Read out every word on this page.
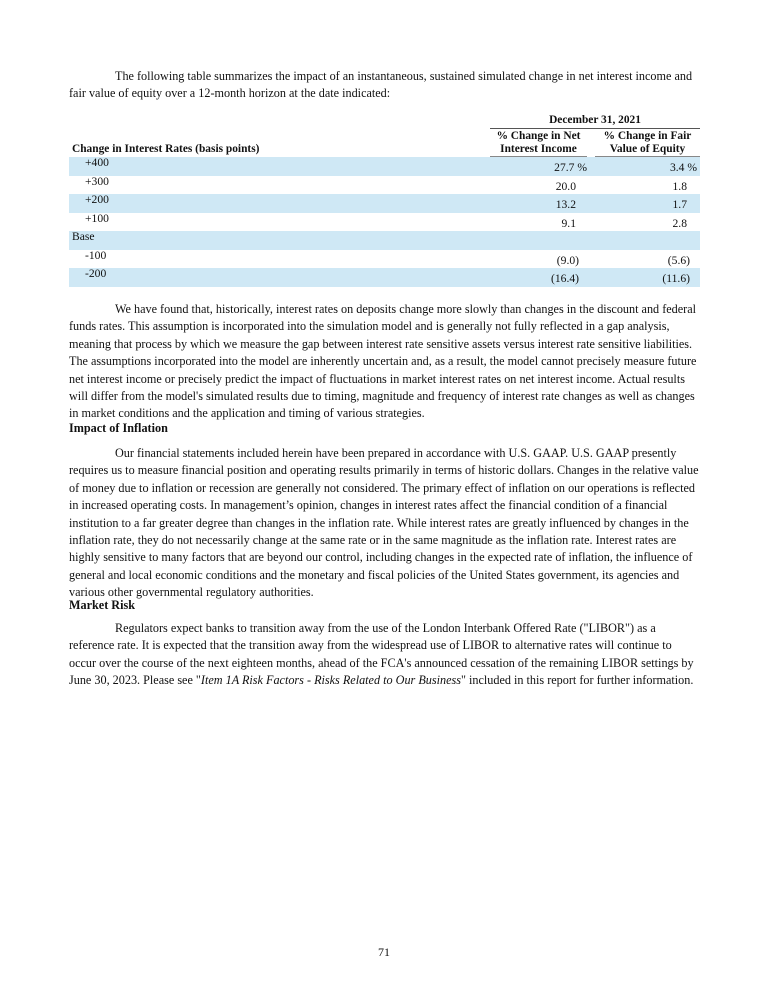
The following table summarizes the impact of an instantaneous, sustained simulated change in net interest income and fair value of equity over a 12-month horizon at the date indicated:

December 31, 2021
Change in Interest Rates (basis points)
% Change in Net
Interest Income
% Change in Fair
Value of Equity
+400	27.7 %	3.4 %
+300	20.0	1.8
+200	13.2	1.7
+100	9.1	2.8
Base
-100	(9.0)	(5.6)
-200	(16.4)	(11.6)

We have found that, historically, interest rates on deposits change more slowly than changes in the discount and federal funds rates. This assumption is incorporated into the simulation model and is generally not fully reflected in a gap analysis, meaning that process by which we measure the gap between interest rate sensitive assets versus interest rate sensitive liabilities. The assumptions incorporated into the model are inherently uncertain and, as a result, the model cannot precisely measure future net interest income or precisely predict the impact of fluctuations in market interest rates on net interest income. Actual results will differ from the model's simulated results due to timing, magnitude and frequency of interest rate changes as well as changes in market conditions and the application and timing of various strategies.

Impact of Inflation

Our financial statements included herein have been prepared in accordance with U.S. GAAP. U.S. GAAP presently requires us to measure financial position and operating results primarily in terms of historic dollars. Changes in the relative value of money due to inflation or recession are generally not considered. The primary effect of inflation on our operations is reflected in increased operating costs. In management’s opinion, changes in interest rates affect the financial condition of a financial institution to a far greater degree than changes in the inflation rate. While interest rates are greatly influenced by changes in the inflation rate, they do not necessarily change at the same rate or in the same magnitude as the inflation rate. Interest rates are highly sensitive to many factors that are beyond our control, including changes in the expected rate of inflation, the influence of general and local economic conditions and the monetary and fiscal policies of the United States government, its agencies and various other governmental regulatory authorities.

Market Risk

Regulators expect banks to transition away from the use of the London Interbank Offered Rate ("LIBOR") as a reference rate. It is expected that the transition away from the widespread use of LIBOR to alternative rates will continue to occur over the course of the next eighteen months, ahead of the FCA's announced cessation of the remaining LIBOR settings by June 30, 2023. Please see "Item 1A Risk Factors - Risks Related to Our Business" included in this report for further information.

71
